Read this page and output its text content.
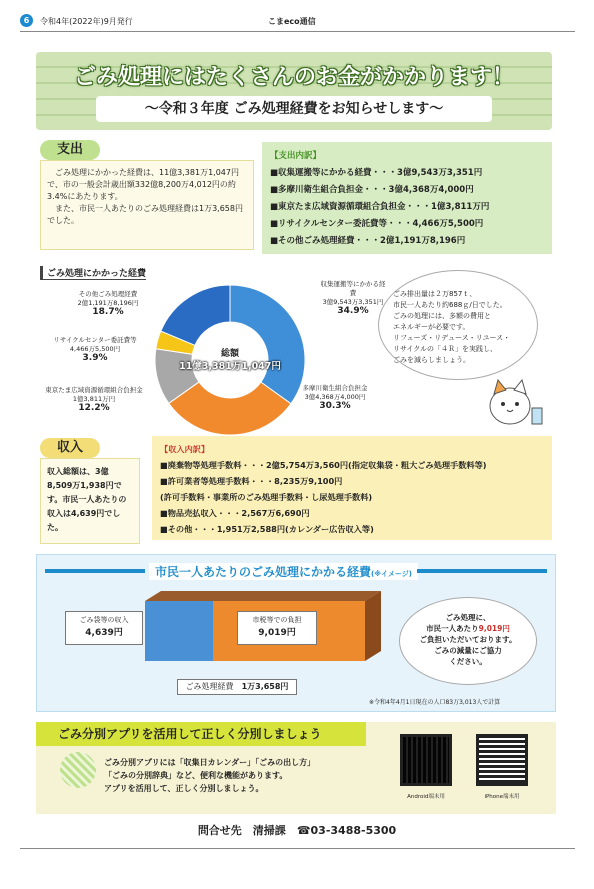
6	令和4年(2022年)9月発行	こまeco通信
ごみ処理にはたくさんのお金がかかります！
～令和３年度 ごみ処理経費をお知らせします～
支出

ごみ処理にかかった経費は、11億3,381万1,047円で、市の一般会計歳出額332億8,200万4,012円の約3.4%にあたります。

また、市民一人あたりのごみ処理経費は1万3,658円でした。

【支出内訳】
■収集運搬等にかかる経費・・・3億9,543万3,351円
■多摩川衛生組合負担金・・・3億4,368万4,000円
■東京たま広域資源循環組合負担金・・・1億3,811万円
■リサイクルセンター委託費等・・・4,466万5,500円
■その他ごみ処理経費・・・2億1,191万8,196円
ごみ処理にかかった経費
総額
11億3,381万1,047円
収集運搬等にかかる経費
3億9,543万3,351円
34.9%
多摩川衛生組合負担金
3億4,368万4,000円
30.3%
東京たま広域資源循環組合負担金
1億3,811万円
12.2%
リサイクルセンター委託費等
4,466万5,500円
3.9%
その他ごみ処理経費
2億1,191万8,196円
18.7%
ごみ排出量は２万857ｔ、
市民一人あたり約688ｇ/日でした。
ごみの処理には、多額の費用と
エネルギーが必要です。
リフューズ・リデュース・リユース・
リサイクルの「４Ｒ」を実践し、
ごみを減らしましょう。
収入
収入総額は、3億8,509万1,938円です。市民一人あたりの収入は4,639円でした。
【収入内訳】
■廃棄物等処理手数料・・・2億5,754万3,560円(指定収集袋・粗大ごみ処理手数料等)
■許可業者等処理手数料・・・8,235万9,100円
(許可手数料・事業所のごみ処理手数料・し尿処理手数料)
■物品売払収入・・・2,567万6,690円
■その他・・・1,951万2,588円(カレンダー広告収入等)
市民一人あたりのごみ処理にかかる経費(※イメージ)
ごみ袋等の収入
4,639円
市税等での負担
9,019円
ごみ処理経費　 1万3,658円
ごみ処理に、
市民一人あたり9,019円
ご負担いただいております。
ごみの減量にご協力
ください。
※令和4年4月1日現在の人口83万3,013人で計算
ごみ分別アプリを活用して正しく分別しましょう
ごみ分別アプリには「収集日カレンダー」「ごみの出し方」
「ごみの分別辞典」など、便利な機能があります。
アプリを活用して、正しく分別しましょう。
Android端末用	iPhone端末用
問合せ先　清掃課　 ☎03-3488-5300
